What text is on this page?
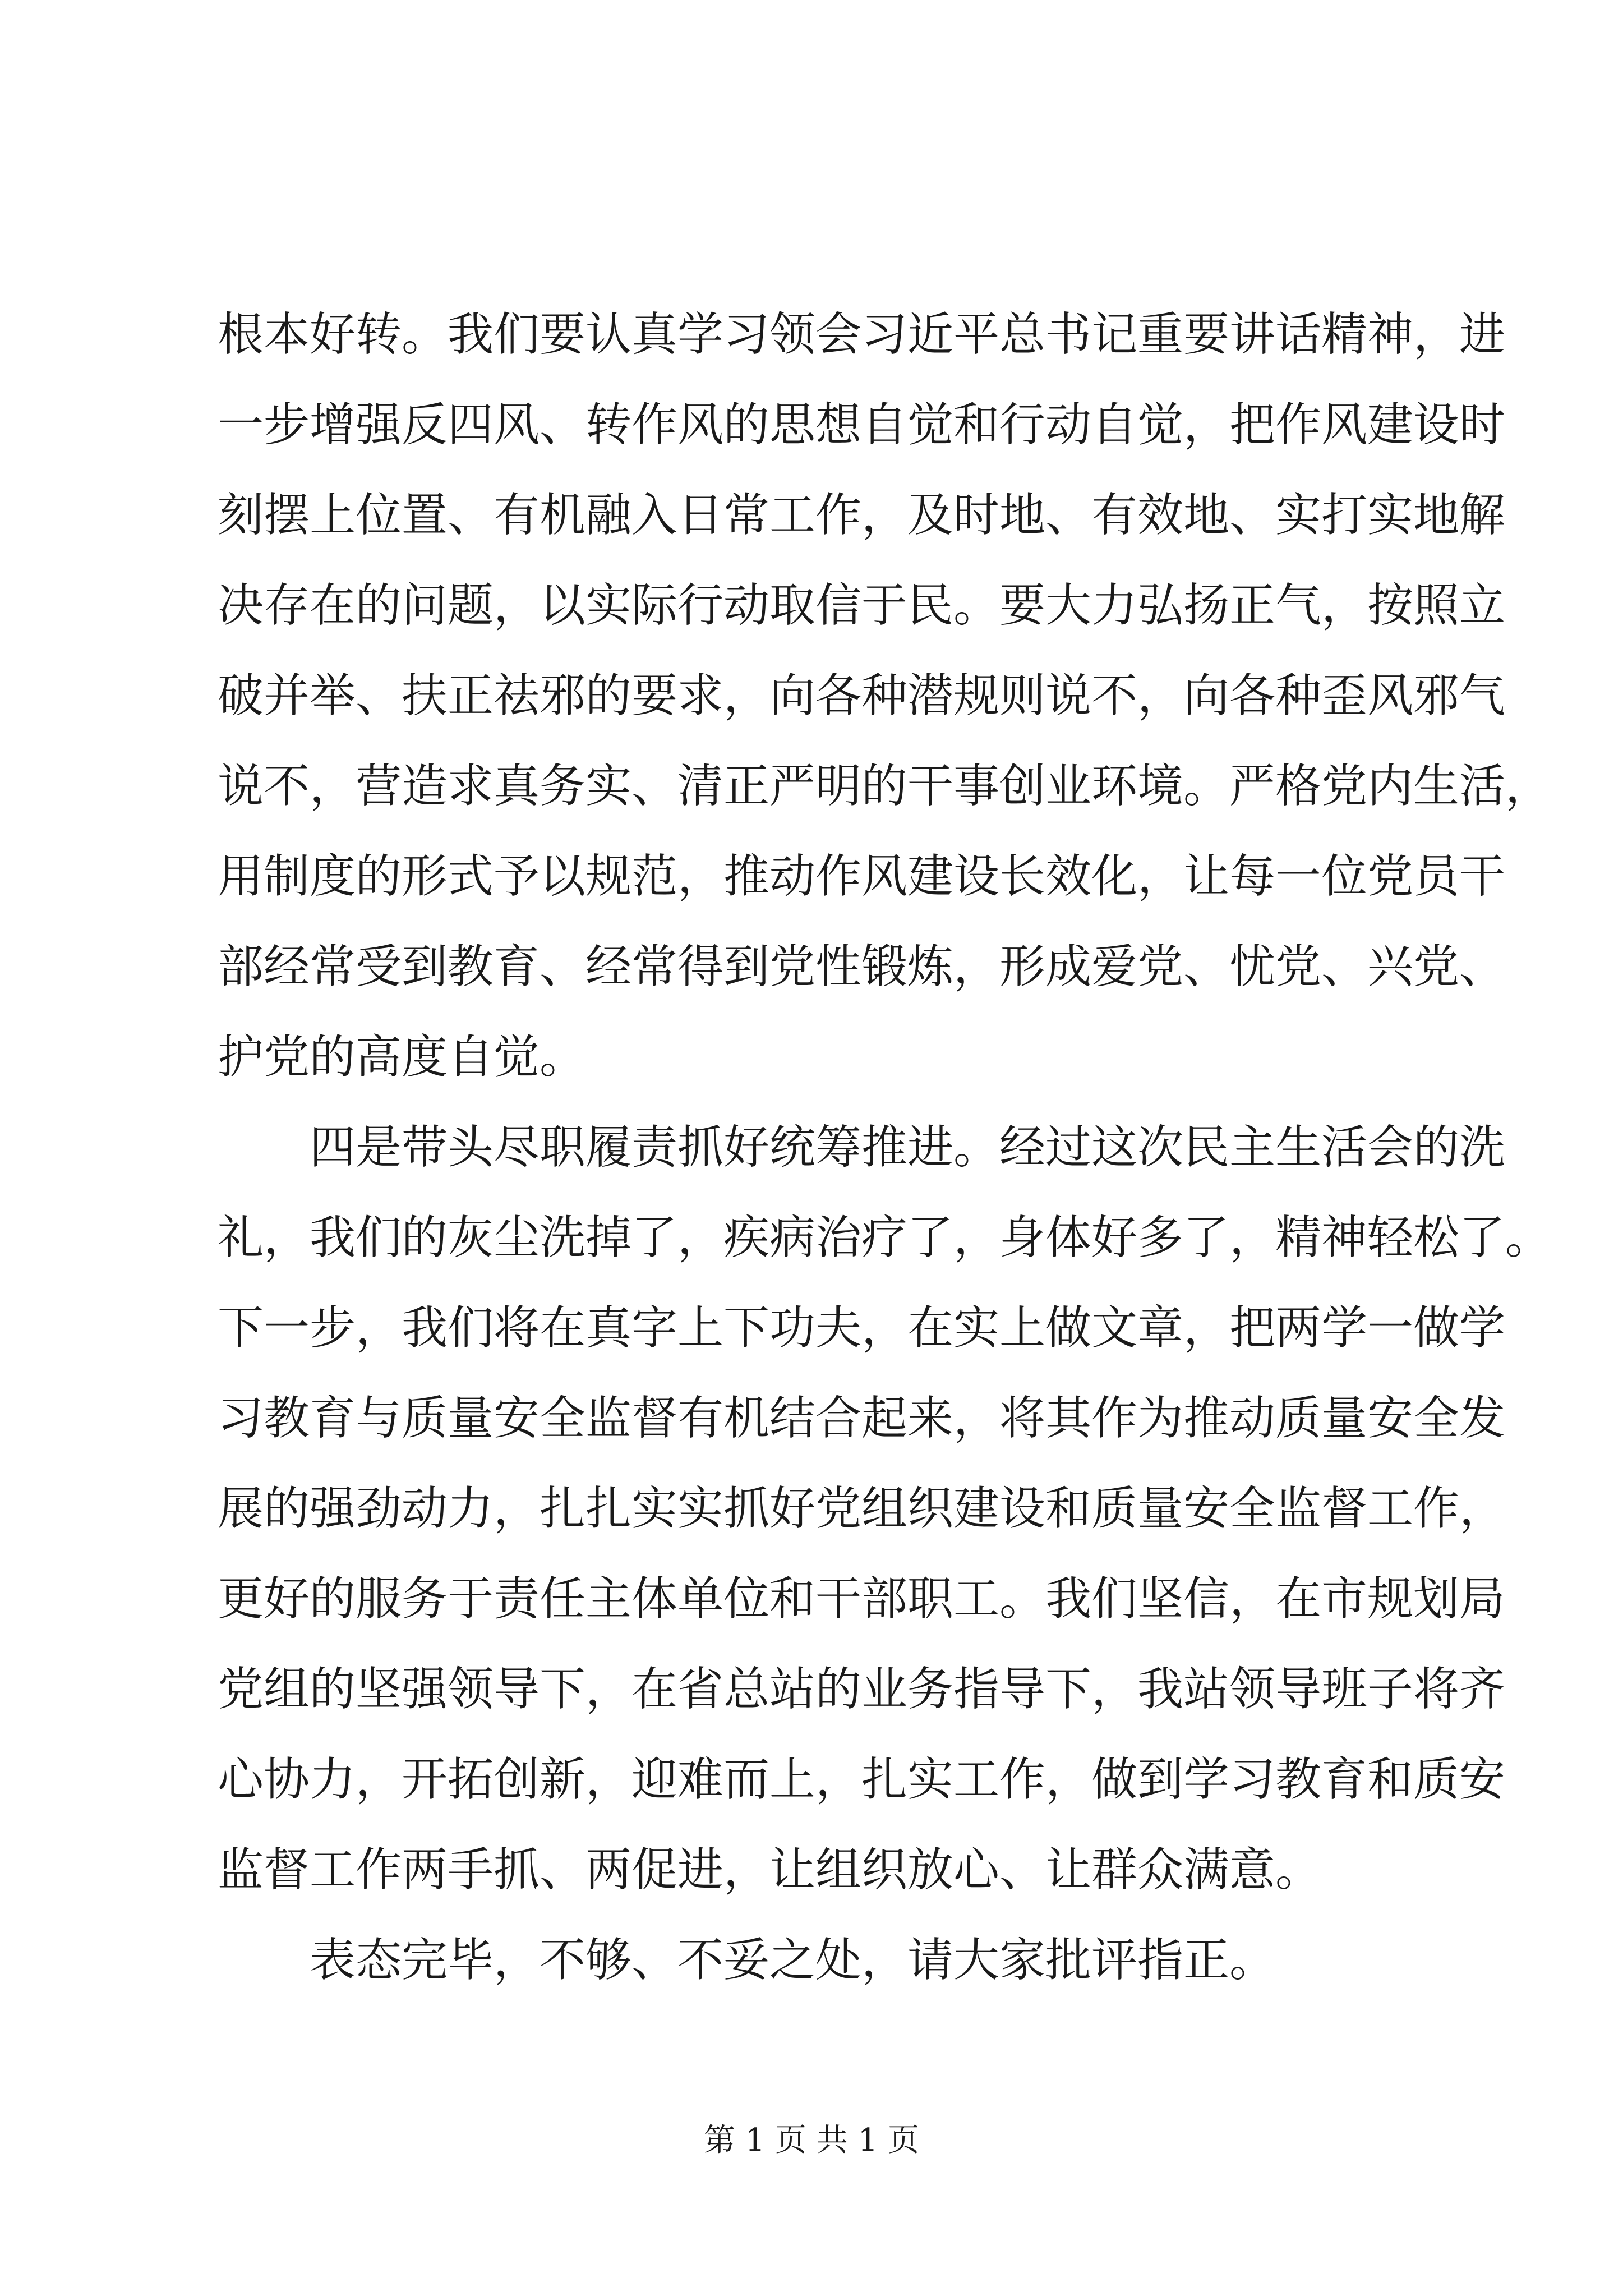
根本好转。我们要认真学习领会习近平总书记重要讲话精神，进
一步增强反四风、转作风的思想自觉和行动自觉，把作风建设时
刻摆上位置、有机融入日常工作，及时地、有效地、实打实地解
决存在的问题，以实际行动取信于民。要大力弘扬正气，按照立
破并举、扶正祛邪的要求，向各种潜规则说不，向各种歪风邪气
说不，营造求真务实、清正严明的干事创业环境。严格党内生活，
用制度的形式予以规范，推动作风建设长效化，让每一位党员干
部经常受到教育、经常得到党性锻炼，形成爱党、忧党、兴党、
护党的高度自觉。
　　四是带头尽职履责抓好统筹推进。经过这次民主生活会的洗
礼，我们的灰尘洗掉了，疾病治疗了，身体好多了，精神轻松了。
下一步，我们将在真字上下功夫，在实上做文章，把两学一做学
习教育与质量安全监督有机结合起来，将其作为推动质量安全发
展的强劲动力，扎扎实实抓好党组织建设和质量安全监督工作，
更好的服务于责任主体单位和干部职工。我们坚信，在市规划局
党组的坚强领导下，在省总站的业务指导下，我站领导班子将齐
心协力，开拓创新，迎难而上，扎实工作，做到学习教育和质安
监督工作两手抓、两促进，让组织放心、让群众满意。
　　表态完毕，不够、不妥之处，请大家批评指正。
第 1 页 共 1 页
